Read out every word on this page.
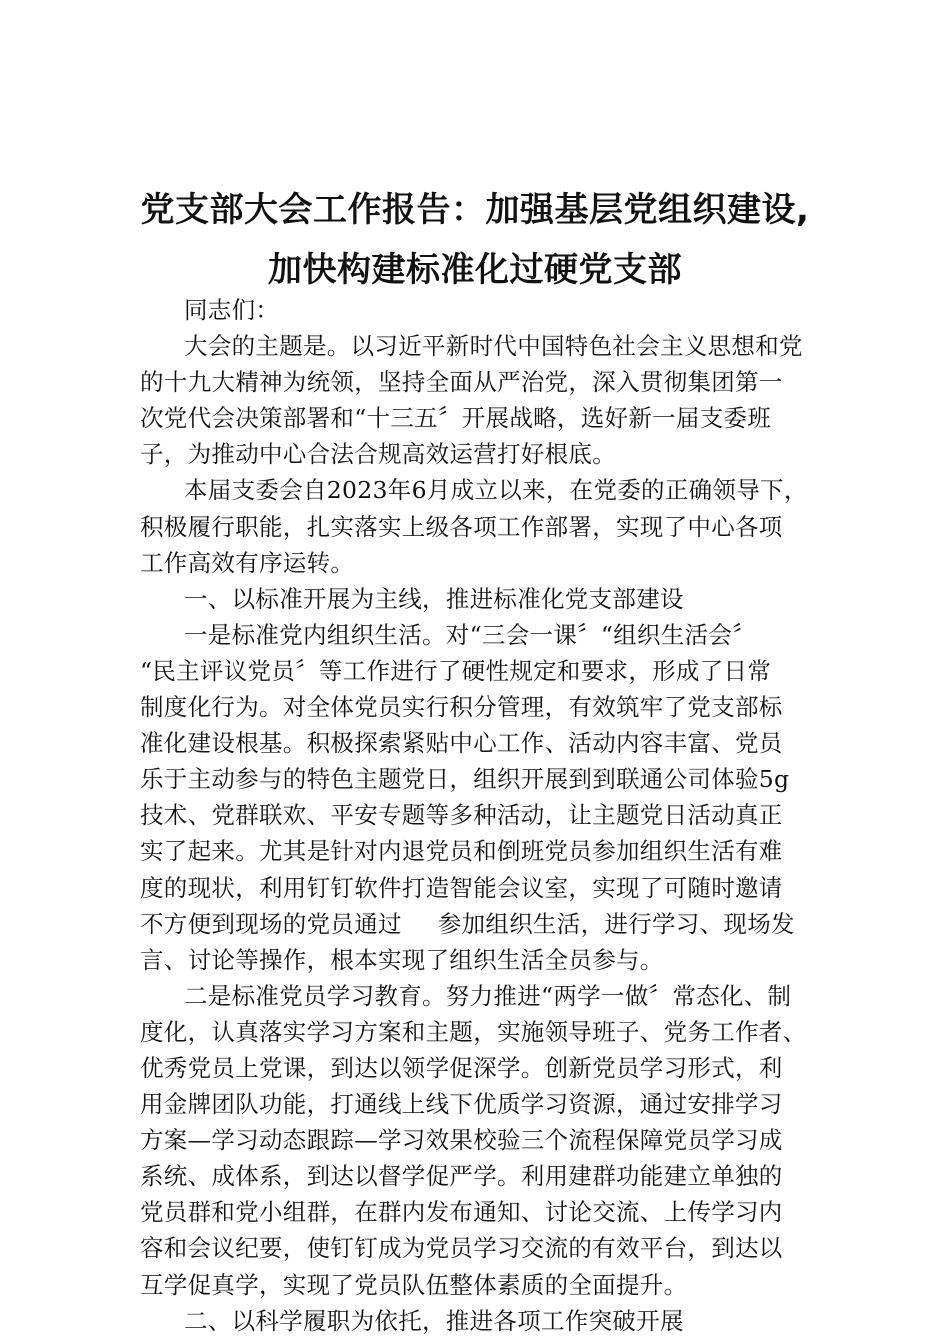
党支部大会工作报告：加强基层党组织建设,
加快构建标准化过硬党支部
同志们：
大会的主题是。以习近平新时代中国特色社会主义思想和党
的十九大精神为统领，坚持全面从严治党，深入贯彻集团第一
次党代会决策部署和“十三五〞开展战略，选好新一届支委班
子，为推动中心合法合规高效运营打好根底。
本届支委会自2023年6月成立以来，在党委的正确领导下，
积极履行职能，扎实落实上级各项工作部署，实现了中心各项
工作高效有序运转。
一、以标准开展为主线，推进标准化党支部建设
一是标准党内组织生活。对“三会一课〞“组织生活会〞
“民主评议党员〞等工作进行了硬性规定和要求，形成了日常
制度化行为。对全体党员实行积分管理，有效筑牢了党支部标
准化建设根基。积极探索紧贴中心工作、活动内容丰富、党员
乐于主动参与的特色主题党日，组织开展到到联通公司体验5g
技术、党群联欢、平安专题等多种活动，让主题党日活动真正
实了起来。尤其是针对内退党员和倒班党员参加组织生活有难
度的现状，利用钉钉软件打造智能会议室，实现了可随时邀请
不方便到现场的党员通过 参加组织生活，进行学习、现场发
言、讨论等操作，根本实现了组织生活全员参与。
二是标准党员学习教育。努力推进“两学一做〞常态化、制
度化，认真落实学习方案和主题，实施领导班子、党务工作者、
优秀党员上党课，到达以领学促深学。创新党员学习形式，利
用金牌团队功能，打通线上线下优质学习资源，通过安排学习
方案—学习动态跟踪—学习效果校验三个流程保障党员学习成
系统、成体系，到达以督学促严学。利用建群功能建立单独的
党员群和党小组群，在群内发布通知、讨论交流、上传学习内
容和会议纪要，使钉钉成为党员学习交流的有效平台，到达以
互学促真学，实现了党员队伍整体素质的全面提升。
二、以科学履职为依托，推进各项工作突破开展
